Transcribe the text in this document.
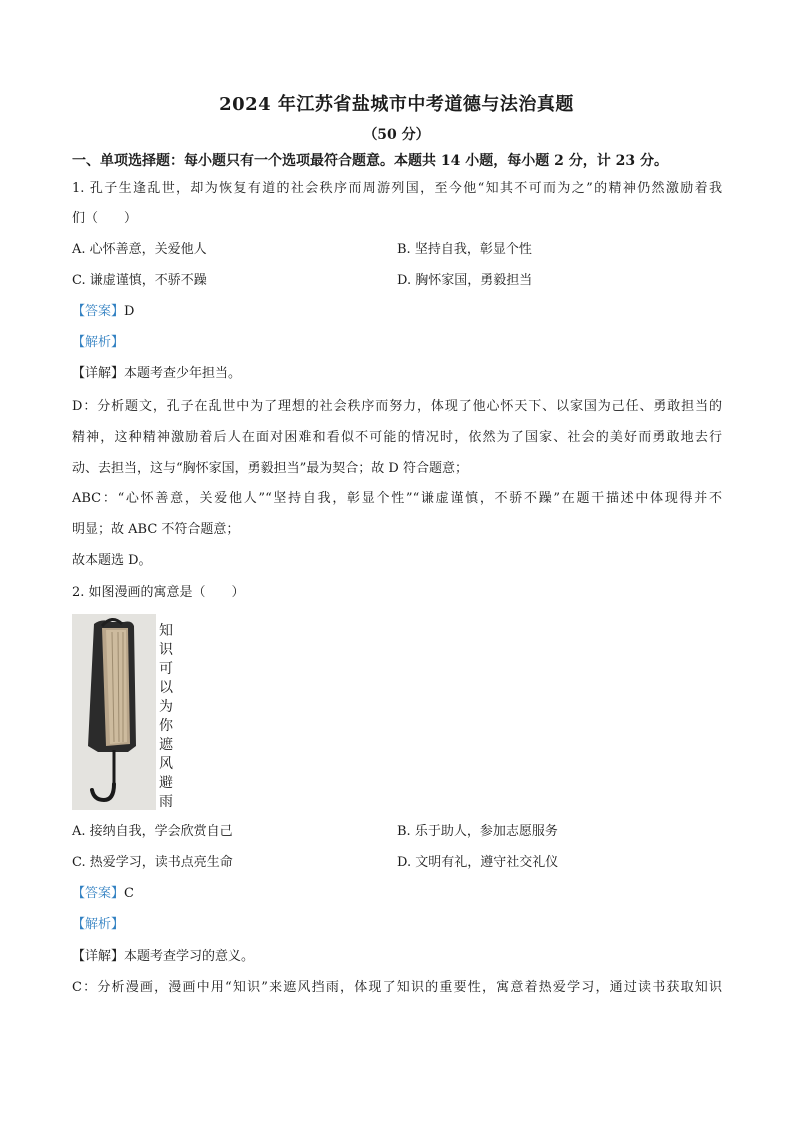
2024 年江苏省盐城市中考道德与法治真题
（50 分）
一、单项选择题：每小题只有一个选项最符合题意。本题共 14 小题，每小题 2 分，计 23 分。
1. 孔子生逢乱世，却为恢复有道的社会秩序而周游列国，至今他“知其不可而为之”的精神仍然激励着我
们（　　）
A. 心怀善意，关爱他人	B. 坚持自我，彰显个性
C. 谦虚谨慎，不骄不躁	D. 胸怀家国，勇毅担当
【答案】D
【解析】
【详解】本题考查少年担当。
D：分析题文，孔子在乱世中为了理想的社会秩序而努力，体现了他心怀天下、以家国为己任、勇敢担当的
精神，这种精神激励着后人在面对困难和看似不可能的情况时，依然为了国家、社会的美好而勇敢地去行
动、去担当，这与“胸怀家国，勇毅担当”最为契合；故 D 符合题意；
ABC：“心怀善意，关爱他人”“坚持自我，彰显个性”“谦虚谨慎，不骄不躁”在题干描述中体现得并不
明显；故 ABC 不符合题意；
故本题选 D。
2. 如图漫画的寓意是（　　）
知
识
可
以
为
你
遮
风
避
雨
A. 接纳自我，学会欣赏自己	B. 乐于助人，参加志愿服务
C. 热爱学习，读书点亮生命	D. 文明有礼，遵守社交礼仪
【答案】C
【解析】
【详解】本题考查学习的意义。
C：分析漫画，漫画中用“知识”来遮风挡雨，体现了知识的重要性，寓意着热爱学习，通过读书获取知识
